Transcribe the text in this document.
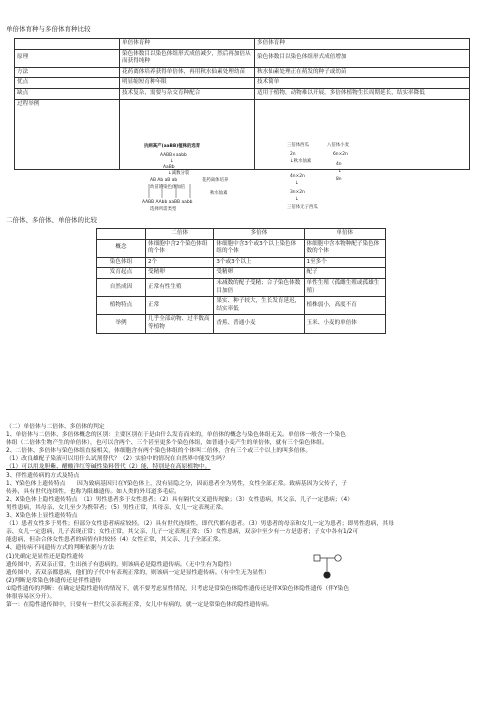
单倍体育种与多倍体育种比较
	单倍体育种	多倍体育种
原理	染色体数目以染色体组形式成倍减少，然后再加倍从而获得纯种	染色体数目以染色体组形式成倍增加
方法	花药离体培养获得单倍体，再用秋水仙素处理幼苗	秋水仙素处理正在萌发的种子或幼苗
优点	明显缩短育种年限	技术简单
缺点	技术复杂，需要与杂交育种配合	适用于植物，动物难以开展。多倍体植物生长周期延长，结实率降低
过程举例		
抗病高产(aaBB)植株的选育
AABB×aabb
↓
AaBb
↓减数分裂
AB Ab aB ab	花药离体培养
幼苗的染色体加倍
秋水仙素
AABB AAbb aaBB aabb
选择所需类型
三倍体西瓜	八倍体小麦
2n
↓秋水仙素
4n×2n
↓
3n×2n
↓
三倍体无子西瓜
6n×2n
4n
↓
8n
二倍体、多倍体、单倍体的比较
	二倍体	多倍体	单倍体
概念	体细胞中含2个染色体组的个体	体细胞中含3个或3个以上染色体组的个体	体细胞中含本物种配子染色体数的个体
染色体组	2个	3个或3个以上	1至多个
发育起点	受精卵	受精卵	配子
自然成因	正常有性生殖	未减数的配子受精；合子染色体数目加倍	单性生殖（孤雌生殖或孤雄生殖）
植物特点	正常	果实、种子较大，生长发育延迟，结实率低	植株弱小，高度不育
举例	几乎全部动物、过半数高等植物	香蕉、普通小麦	玉米、小麦的单倍体

（二）单倍体与二倍体、多倍体的判定

1、单倍体与二倍体、多倍体概念的区别：主要区别在于是由什么发育而来的，单倍体的概念与染色体组无关。单倍体一般含一个染色

体组（二倍体生物产生的单倍体），也可以含两个、三个甚至更多个染色体组，如普通小麦产生的单倍体，就有三个染色体组。

2、二倍体、多倍体与染色体组直接相关，体细胞含有两个染色体组的个体叫二倍体，含有三个或三个以上的叫多倍体。

（1）改良雄配子染液可以用什么试剂替代？（2）实验中的情况在自然界中能发生吗？

（1）可以用龙胆紫、醋酸洋红等碱性染料替代（2）能，特别是在高原植物中。

3、伴性遗传病的方式及特点

1、Y染色体上遗传特点　　因为致病基因只在Y染色体上，没有显隐之分，因而患者全为男性，女性全部正常。致病基因为父传子，子

传孙，具有世代连续性，也称为限雄遗传。如人类的外耳道多毛症。

2、X染色体上隐性遗传特点　（1）男性患者多于女性患者；（2）具有隔代交叉遗传现象；（3）女性患病，其父亲、儿子一定患病；（4）

男性患病，其母亲、女儿至少为携带者；（5）男性正常，其母亲、女儿一定表现正常。

3、X染色体上显性遗传特点

（1）患者女性多于男性；但部分女性患者病症较轻。（2）具有世代连续性，即代代都有患者。（3）男患者的母亲和女儿一定为患者；即男性患病，其母

亲、女儿一定患病，儿子表现正常；女性正常，其父亲、儿子一定表现正常；（5）女性患病，双亲中至少有一方是患者；子女中各有1/2可

能患病，但杂合体女性患者的病情有时较轻（4）女性正常，其父亲、儿子全部正常。

4、遗传病不同遗传方式的判断依据与方法

(1)先确定是显性还是隐性遗传

遗传图中，若双亲正常，生出孩子有患病的，则该病必是隐性遗传病。（无中生有为隐性）

遗传图中，若双亲都患病，他们的子代中有表现正常的，则该病一定是显性遗传病。（有中生无为显性）

(2)判断是常染色体遗传还是伴性遗传

①隐性遗传的判断：在确定是隐性遗传的情况下，就不要考虑显性情况，只考虑是常染色体隐性遗传还是伴X染色体隐性遗传（伴Y染色

体很容易区分开）。

第一：在隐性遗传图中，只要有一世代父亲表现正常，女儿中有病的，就一定是常染色体的隐性遗传病。
